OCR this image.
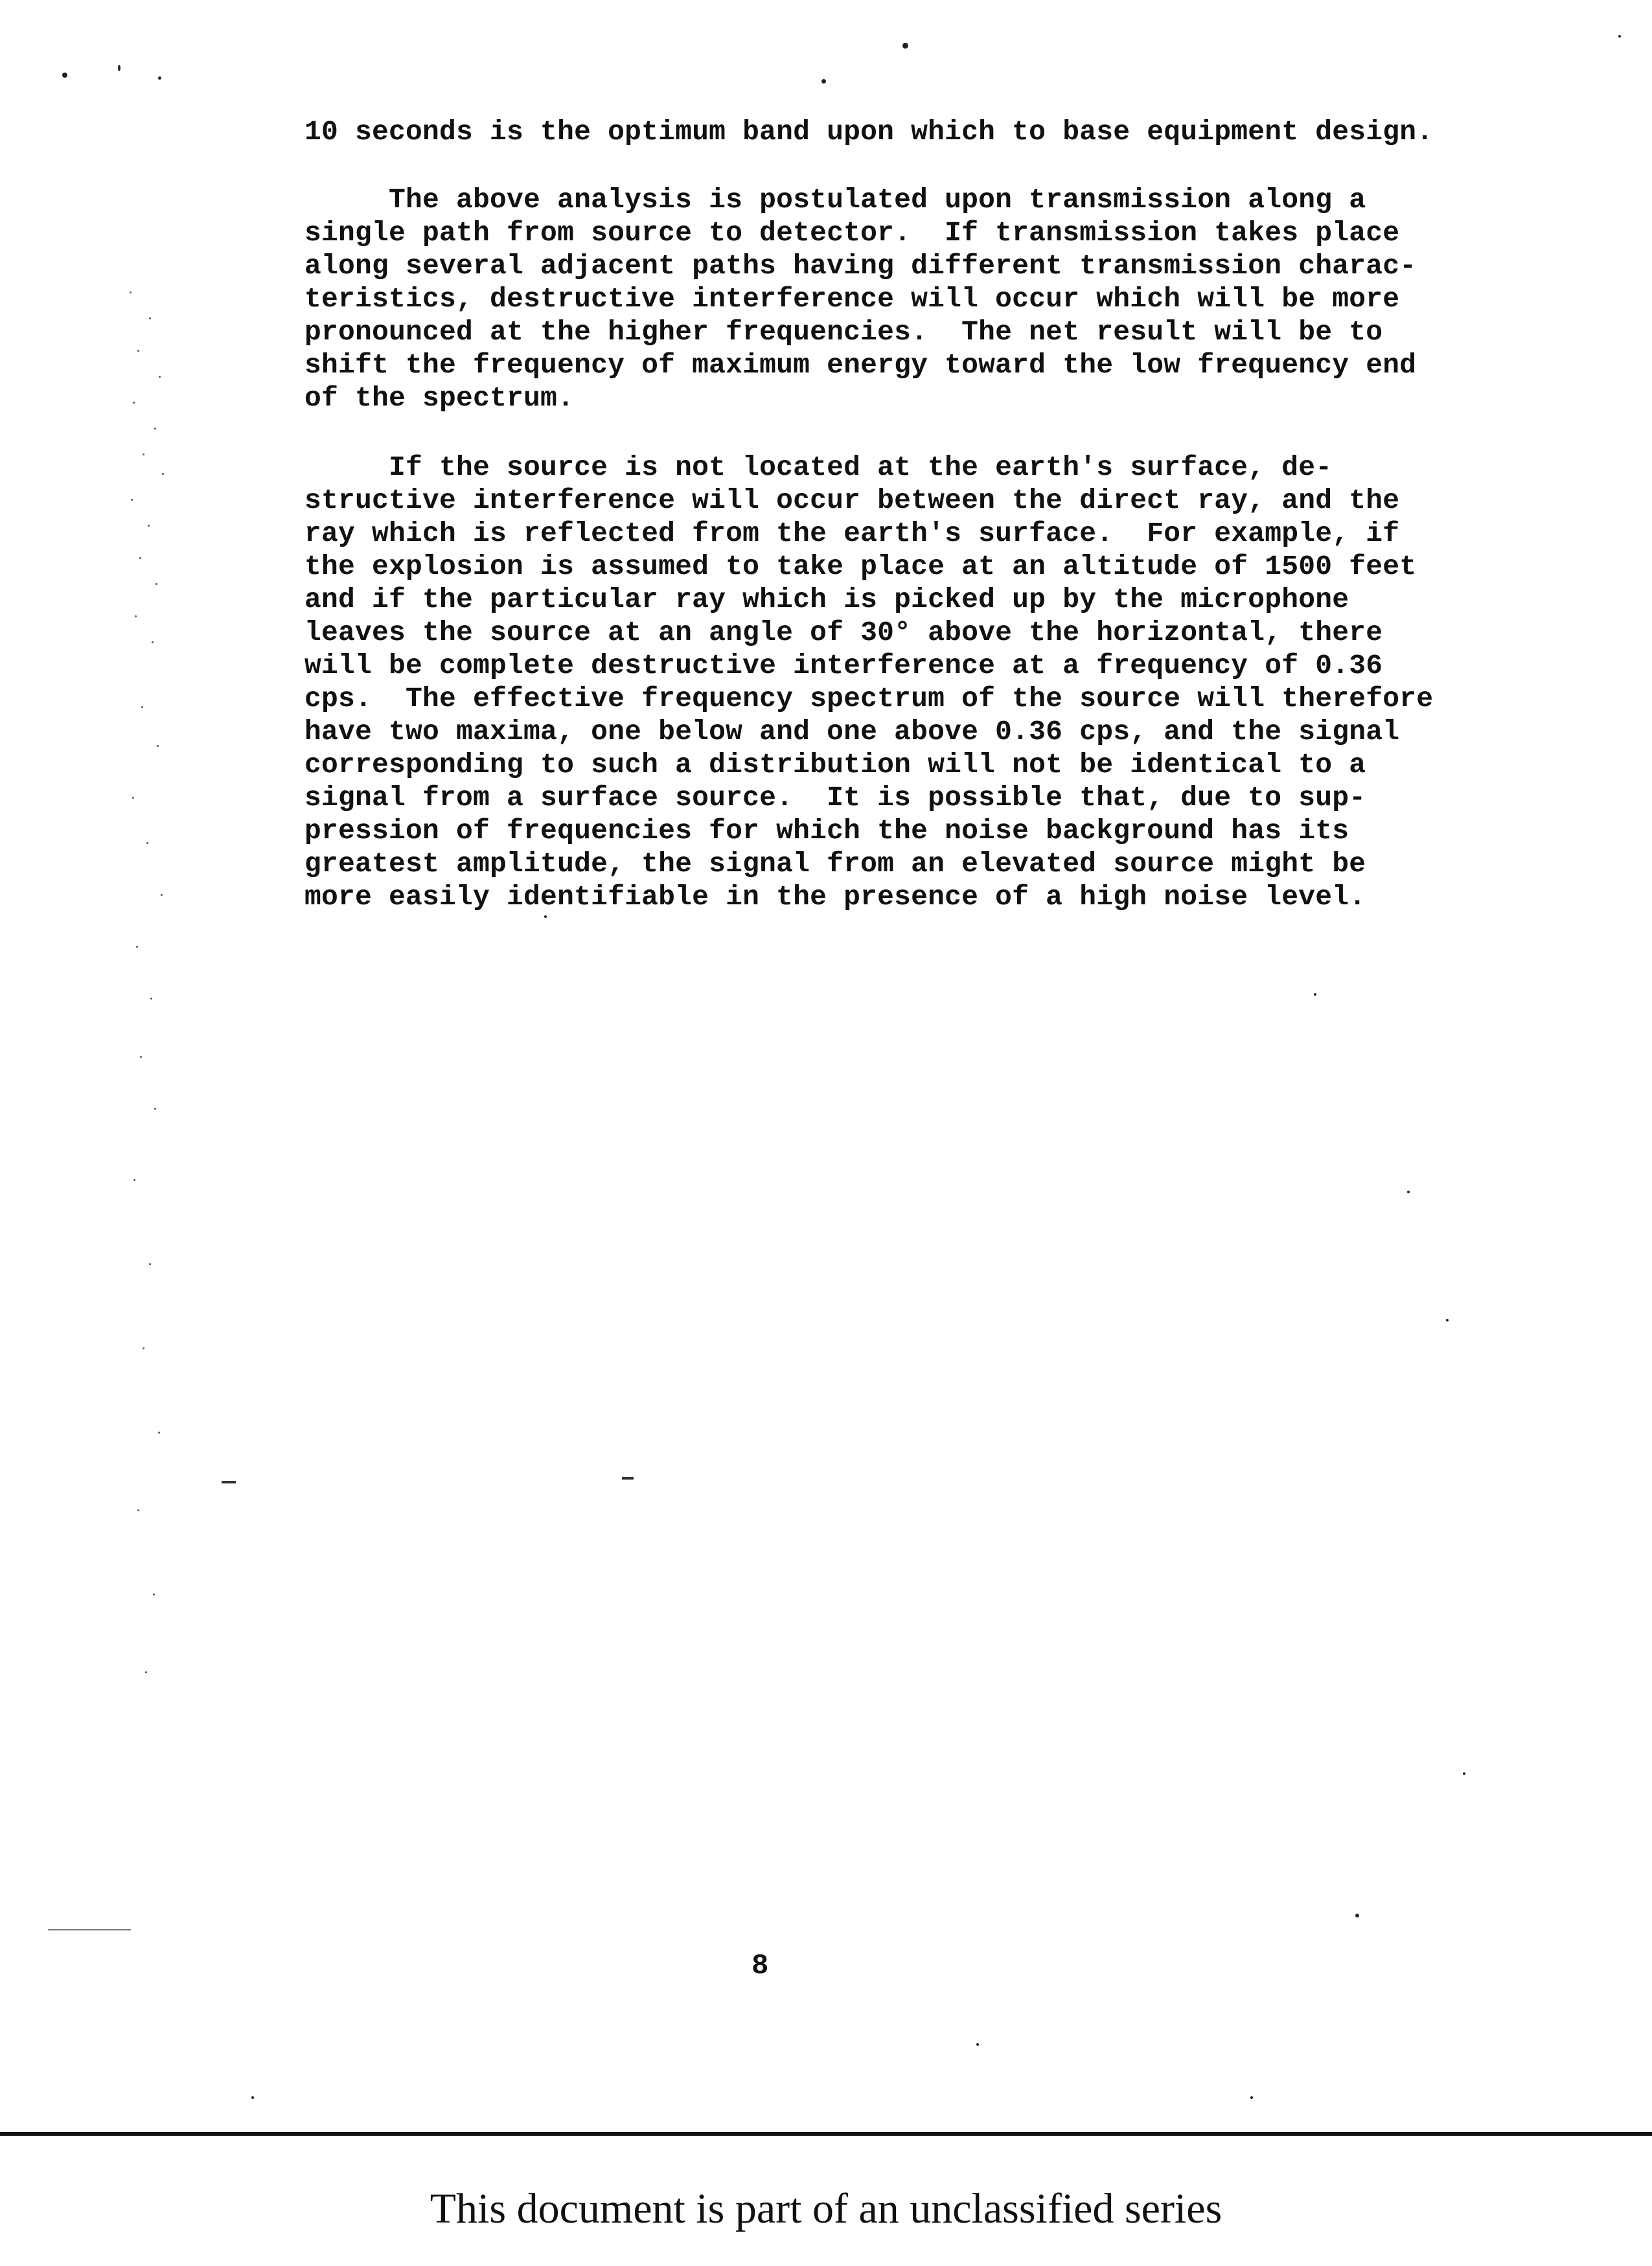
10 seconds is the optimum band upon which to base equipment design.
The above analysis is postulated upon transmission along a
single path from source to detector.  If transmission takes place
along several adjacent paths having different transmission charac-
teristics, destructive interference will occur which will be more
pronounced at the higher frequencies.  The net result will be to
shift the frequency of maximum energy toward the low frequency end
of the spectrum.
If the source is not located at the earth's surface, de-
structive interference will occur between the direct ray, and the
ray which is reflected from the earth's surface.  For example, if
the explosion is assumed to take place at an altitude of 1500 feet
and if the particular ray which is picked up by the microphone
leaves the source at an angle of 30° above the horizontal, there
will be complete destructive interference at a frequency of 0.36
cps.  The effective frequency spectrum of the source will therefore
have two maxima, one below and one above 0.36 cps, and the signal
corresponding to such a distribution will not be identical to a
signal from a surface source.  It is possible that, due to sup-
pression of frequencies for which the noise background has its
greatest amplitude, the signal from an elevated source might be
more easily identifiable in the presence of a high noise level.
8
This document is part of an unclassified series
